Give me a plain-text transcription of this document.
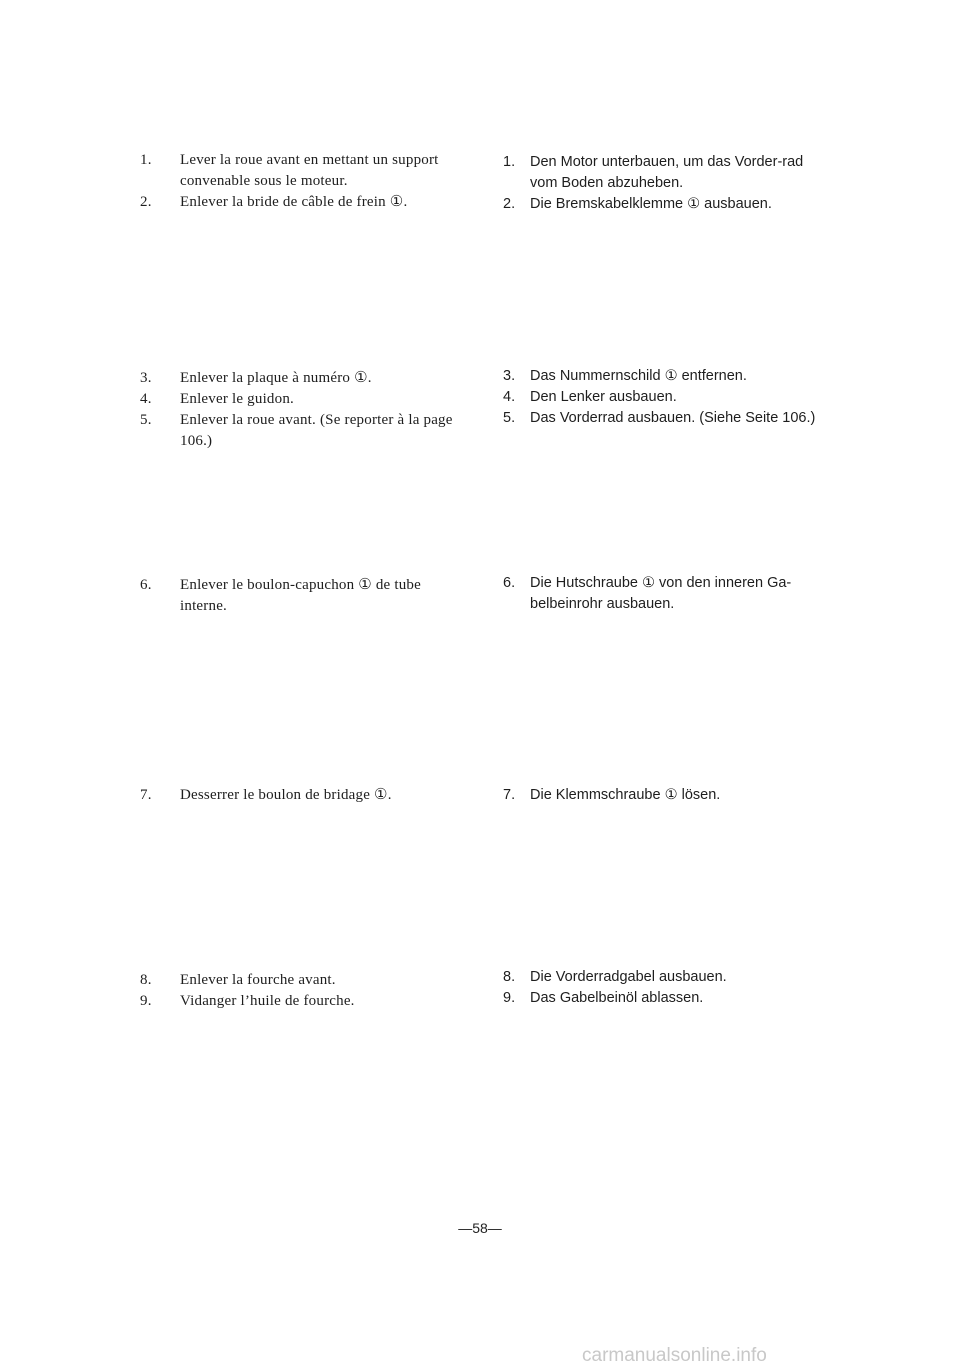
1.	Lever la roue avant en mettant un support convenable sous le moteur.
2.	Enlever la bride de câble de frein ①.
1.	Den Motor unterbauen, um das Vorder-rad vom Boden abzuheben.
2.	Die Bremskabelklemme ① ausbauen.
3.	Enlever la plaque à numéro ①.
4.	Enlever le guidon.
5.	Enlever la roue avant. (Se reporter à la page 106.)
3.	Das Nummernschild ① entfernen.
4.	Den Lenker ausbauen.
5.	Das Vorderrad ausbauen. (Siehe Seite 106.)
6.	Enlever le boulon-capuchon ① de tube interne.
6.	Die Hutschraube ① von den inneren Ga-belbeinrohr ausbauen.
7.	Desserrer le boulon de bridage ①.	7.	Die Klemmschraube ① lösen.
8.	Enlever la fourche avant.
9.	Vidanger l’huile de fourche.
8.	Die Vorderradgabel ausbauen.
9.	Das Gabelbeinöl ablassen.
—58—
carmanualsonline.info
